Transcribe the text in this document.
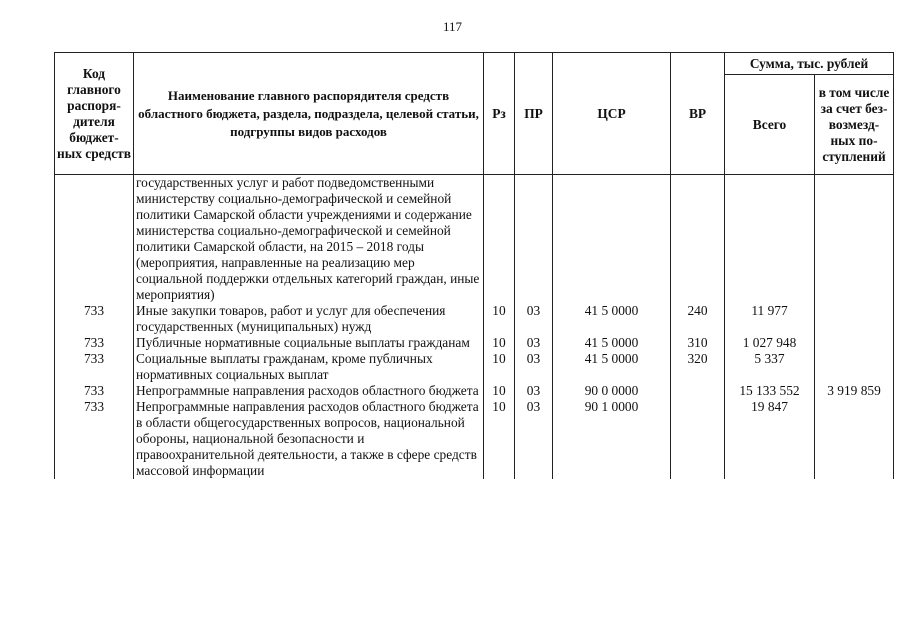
117
Код главного распоря-дителя бюджет-ных средств	Наименование главного распорядителя средств областного бюджета, раздела, подраздела, целевой статьи, подгруппы видов расходов	Рз	ПР	ЦСР	ВР	Сумма, тыс. рублей	
						Всего	в том числе за счет без-возмезд-ных по-ступлений
	государственных услуг и работ подведомственными министерству социально-демографической и семейной политики Самарской области учреждениями и содержание министерства социально-демографической и семейной политики Самарской области, на 2015 – 2018 годы (мероприятия, направленные на реализацию мер социальной поддержки отдельных категорий граждан, иные мероприятия)						
733	Иные закупки товаров, работ и услуг для обеспечения государственных (муниципальных) нужд	10	03	41 5 0000	240	11 977	
733	Публичные нормативные социальные выплаты гражданам	10	03	41 5 0000	310	1 027 948	
733	Социальные выплаты гражданам, кроме публичных нормативных социальных выплат	10	03	41 5 0000	320	5 337	
733	Непрограммные направления расходов областного бюджета	10	03	90 0 0000		15 133 552	3 919 859
733	Непрограммные направления расходов областного бюджета в области общегосударственных вопросов, национальной обороны, национальной безопасности и правоохранительной деятельности, а также в сфере средств массовой информации	10	03	90 1 0000		19 847	
